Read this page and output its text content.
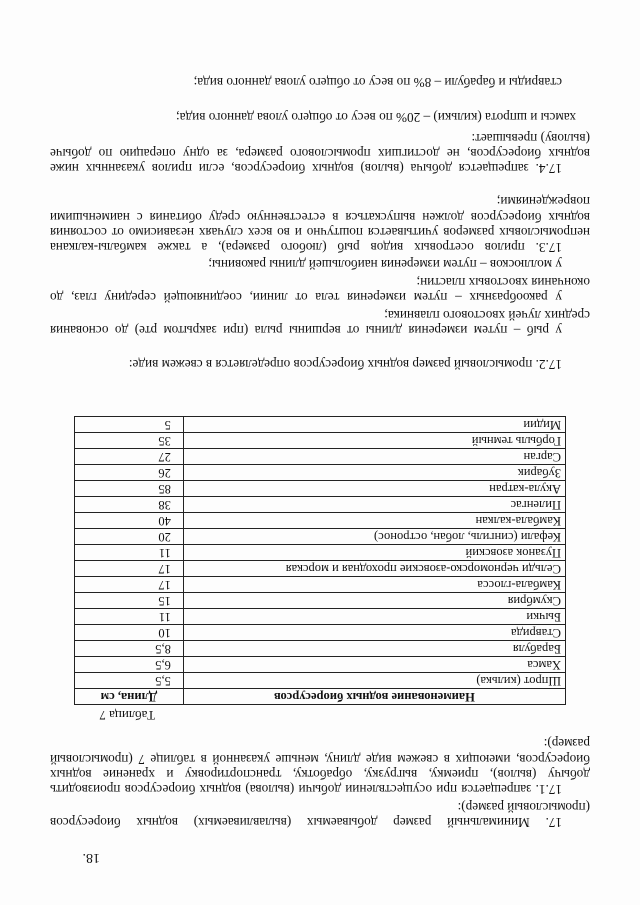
18.

17. Минимальный размер добываемых (вылавливаемых) водных биоресурсов (промысловый размер):

17.1. запрещается при осуществлении добычи (вылова) водных биоресурсов производить добычу (вылов), приемку, выгрузку, обработку, транспортировку и хранение водных биоресурсов, имеющих в свежем виде длину, меньше указанной в таблице 7 (промысловый размер):

Таблица 7
Наименование водных биоресурсов	Длина, см
Шпрот (килька)	5,5
Хамса	6,5
Барабуля	8,5
Ставрида	10
Бычки	11
Скумбрия	15
Камбала-глосса	17
Сельди черноморско-азовские проходная и морская	17
Пузанок азовский	11
Кефали (сингиль, лобан, остронос)	20
Камбала-калкан	40
Пиленгас	38
Акула-катран	85
Зубарик	26
Сарган	27
Горбыль темный	35
Мидии	5

17.2. промысловый размер водных биоресурсов определяется в свежем виде:

у рыб – путем измерения длины от вершины рыла (при закрытом рте) до основания средних лучей хвостового плавника;

у ракообразных – путем измерения тела от линии, соединяющей середину глаз, до окончания хвостовых пластин;

у моллюсков – путем измерения наибольшей длины раковины;

17.3. прилов осетровых видов рыб (любого размера), а также камбалы-калкана непромысловых размеров учитывается поштучно и во всех случаях независимо от состояния водных биоресурсов должен выпускаться в естественную среду обитания с наименьшими повреждениями;

17.4. запрещается добыча (вылов) водных биоресурсов, если прилов указанных ниже водных биоресурсов, не достигших промыслового размера, за одну операцию по добыче (вылову) превышает:

хамсы и шпрота (кильки) – 20% по весу от общего улова данного вида;

ставриды и барабули – 8% по весу от общего улова данного вида;
